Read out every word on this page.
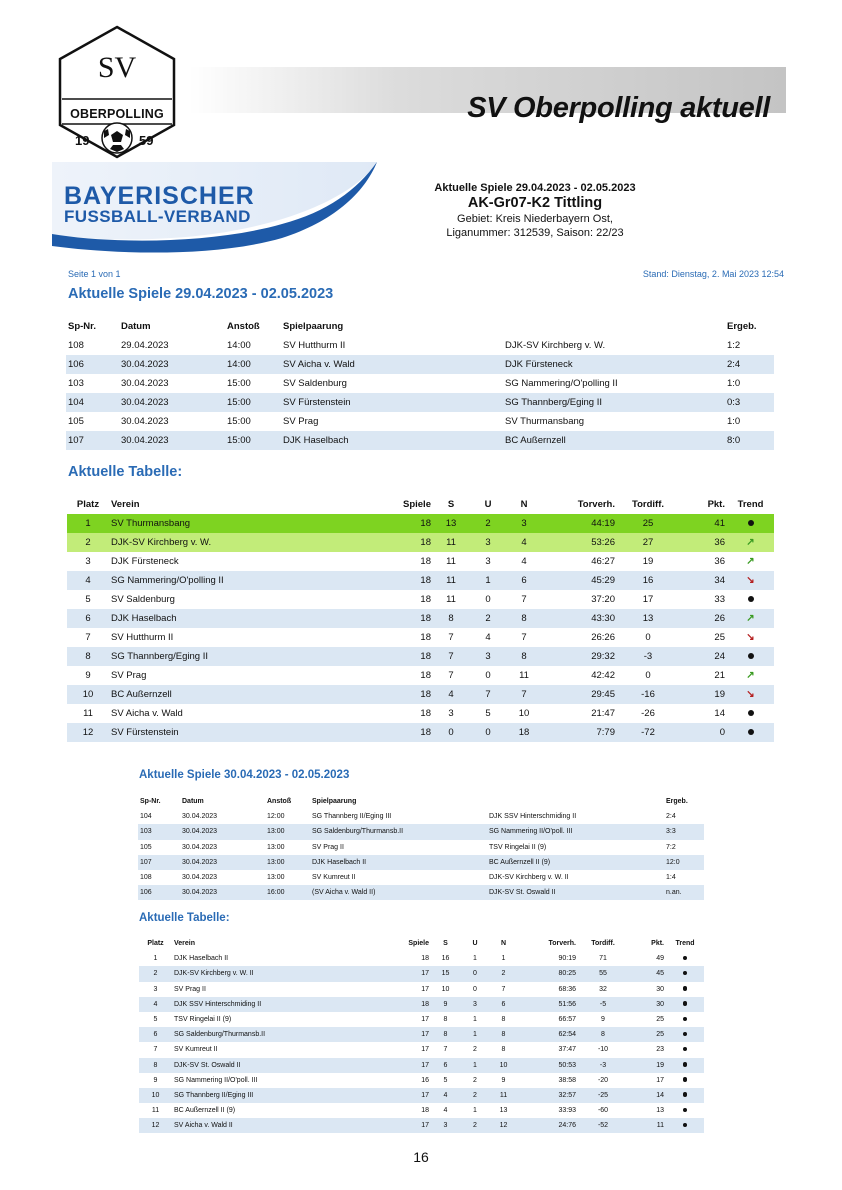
SV
OBERPOLLING
19	59
SV Oberpolling aktuell
BAYERISCHER
FUSSBALL-VERBAND
Aktuelle Spiele 29.04.2023 - 02.05.2023
AK-Gr07-K2 Tittling
Gebiet: Kreis Niederbayern Ost,
Liganummer: 312539, Saison: 22/23
Seite 1 von 1	Stand: Dienstag, 2. Mai 2023 12:54
Aktuelle Spiele 29.04.2023 - 02.05.2023
Sp-Nr.	Datum	Anstoß	Spielpaarung		Ergeb.
108	29.04.2023	14:00	SV Hutthurm II	DJK-SV Kirchberg v. W.	1:2
106	30.04.2023	14:00	SV Aicha v. Wald	DJK Fürsteneck	2:4
103	30.04.2023	15:00	SV Saldenburg	SG Nammering/O'polling II	1:0
104	30.04.2023	15:00	SV Fürstenstein	SG Thannberg/Eging II	0:3
105	30.04.2023	15:00	SV Prag	SV Thurmansbang	1:0
107	30.04.2023	15:00	DJK Haselbach	BC Außernzell	8:0
Aktuelle Tabelle:
Platz	Verein	Spiele	S	U	N	Torverh.	Tordiff.	Pkt.	Trend
1	SV Thurmansbang	18	13	2	3	44:19	25	41	
2	DJK-SV Kirchberg v. W.	18	11	3	4	53:26	27	36	↗
3	DJK Fürsteneck	18	11	3	4	46:27	19	36	↗
4	SG Nammering/O'polling II	18	11	1	6	45:29	16	34	↘
5	SV Saldenburg	18	11	0	7	37:20	17	33	
6	DJK Haselbach	18	8	2	8	43:30	13	26	↗
7	SV Hutthurm II	18	7	4	7	26:26	0	25	↘
8	SG Thannberg/Eging II	18	7	3	8	29:32	-3	24	
9	SV Prag	18	7	0	11	42:42	0	21	↗
10	BC Außernzell	18	4	7	7	29:45	-16	19	↘
11	SV Aicha v. Wald	18	3	5	10	21:47	-26	14	
12	SV Fürstenstein	18	0	0	18	7:79	-72	0	
Aktuelle Spiele 30.04.2023 - 02.05.2023
Sp-Nr.	Datum	Anstoß	Spielpaarung		Ergeb.
104	30.04.2023	12:00	SG Thannberg II/Eging III	DJK SSV Hinterschmiding II	2:4
103	30.04.2023	13:00	SG Saldenburg/Thurmansb.II	SG Nammering II/O'poll. III	3:3
105	30.04.2023	13:00	SV Prag II	TSV Ringelai II (9)	7:2
107	30.04.2023	13:00	DJK Haselbach II	BC Außernzell II (9)	12:0
108	30.04.2023	13:00	SV Kumreut II	DJK-SV Kirchberg v. W. II	1:4
106	30.04.2023	16:00	(SV Aicha v. Wald II)	DJK-SV St. Oswald II	n.an.
Aktuelle Tabelle:
Platz	Verein	Spiele	S	U	N	Torverh.	Tordiff.	Pkt.	Trend
1	DJK Haselbach II	18	16	1	1	90:19	71	49	
2	DJK-SV Kirchberg v. W. II	17	15	0	2	80:25	55	45	
3	SV Prag II	17	10	0	7	68:36	32	30	
4	DJK SSV Hinterschmiding II	18	9	3	6	51:56	-5	30	
5	TSV Ringelai II (9)	17	8	1	8	66:57	9	25	
6	SG Saldenburg/Thurmansb.II	17	8	1	8	62:54	8	25	
7	SV Kumreut II	17	7	2	8	37:47	-10	23	
8	DJK-SV St. Oswald II	17	6	1	10	50:53	-3	19	
9	SG Nammering II/O'poll. III	16	5	2	9	38:58	-20	17	
10	SG Thannberg II/Eging III	17	4	2	11	32:57	-25	14	
11	BC Außernzell II (9)	18	4	1	13	33:93	-60	13	
12	SV Aicha v. Wald II	17	3	2	12	24:76	-52	11	
16
